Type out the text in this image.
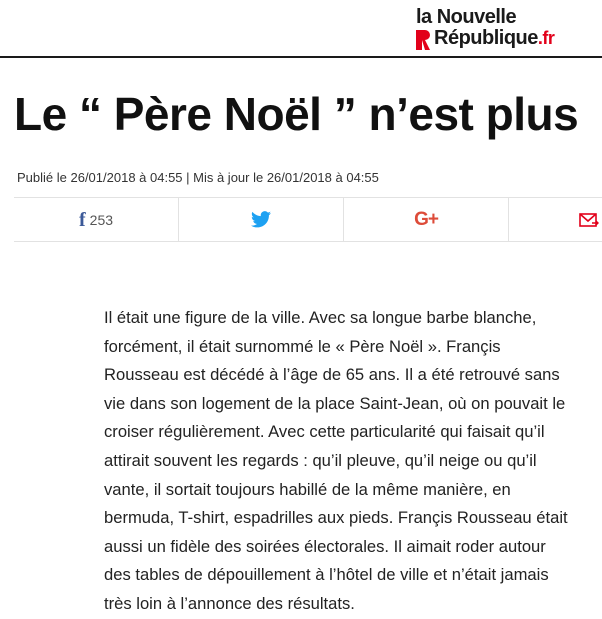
la Nouvelle
République.fr
Le “ Père Noël ” n’est plus
Publié le 26/01/2018 à 04:55 | Mis à jour le 26/01/2018 à 04:55
f 253	G+

Il était une figure de la ville. Avec sa longue barbe blanche,
forcément, il était surnommé le « Père Noël ». Françis
Rousseau est décédé à l’âge de 65 ans. Il a été retrouvé sans
vie dans son logement de la place Saint-Jean, où on pouvait le
croiser régulièrement. Avec cette particularité qui faisait qu’il
attirait souvent les regards : qu’il pleuve, qu’il neige ou qu’il
vante, il sortait toujours habillé de la même manière, en
bermuda, T-shirt, espadrilles aux pieds. Françis Rousseau était
aussi un fidèle des soirées électorales. Il aimait roder autour
des tables de dépouillement à l’hôtel de ville et n’était jamais
très loin à l’annonce des résultats.
